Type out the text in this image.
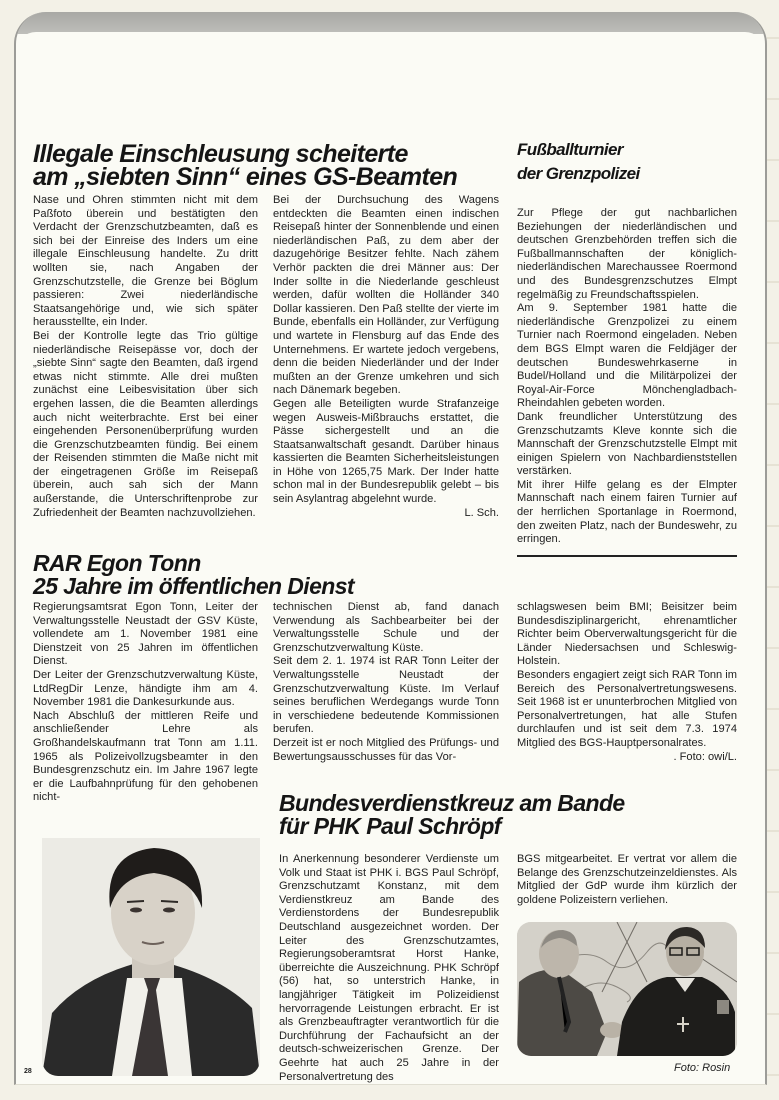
Illegale Einschleusung scheiterte
am „siebten Sinn“ eines GS-Beamten

Nase und Ohren stimmten nicht mit dem Paßfoto überein und bestätigten den Verdacht der Grenzschutzbeamten, daß es sich bei der Einreise des Inders um eine illegale Einschleusung handelte. Zu dritt wollten sie, nach Angaben der Grenzschutzstelle, die Grenze bei Böglum passieren: Zwei niederländische Staatsangehörige und, wie sich später herausstellte, ein Inder.

Bei der Kontrolle legte das Trio gültige niederländische Reisepässe vor, doch der „siebte Sinn“ sagte den Beamten, daß irgend etwas nicht stimmte. Alle drei mußten zunächst eine Leibesvisitation über sich ergehen lassen, die die Beamten allerdings auch nicht weiterbrachte. Erst bei einer eingehenden Personenüberprüfung wurden die Grenzschutzbeamten fündig. Bei einem der Reisenden stimmten die Maße nicht mit der eingetragenen Größe im Reisepaß überein, auch sah sich der Mann außerstande, die Unterschriftenprobe zur Zufriedenheit der Beamten nachzuvollziehen.

Bei der Durchsuchung des Wagens entdeckten die Beamten einen indischen Reisepaß hinter der Sonnenblende und einen niederländischen Paß, zu dem aber der dazugehörige Besitzer fehlte. Nach zähem Verhör packten die drei Männer aus: Der Inder sollte in die Niederlande geschleust werden, dafür wollten die Holländer 340 Dollar kassieren. Den Paß stellte der vierte im Bunde, ebenfalls ein Holländer, zur Verfügung und wartete in Flensburg auf das Ende des Unternehmens. Er wartete jedoch vergebens, denn die beiden Niederländer und der Inder mußten an der Grenze umkehren und sich nach Dänemark begeben.

Gegen alle Beteiligten wurde Strafanzeige wegen Ausweis-Mißbrauchs erstattet, die Pässe sichergestellt und an die Staatsanwaltschaft gesandt. Darüber hinaus kassierten die Beamten Sicherheitsleistungen in Höhe von 1265,75 Mark. Der Inder hatte schon mal in der Bundesrepublik gelebt – bis sein Asylantrag abgelehnt wurde.

L. Sch.

Fußballturnier
der Grenzpolizei

Zur Pflege der gut nachbarlichen Beziehungen der niederländischen und deutschen Grenzbehörden treffen sich die Fußballmannschaften der königlich-niederländischen Marechaussee Roermond und des Bundesgrenzschutzes Elmpt regelmäßig zu Freundschaftsspielen.

Am 9. September 1981 hatte die niederländische Grenzpolizei zu einem Turnier nach Roermond eingeladen. Neben dem BGS Elmpt waren die Feldjäger der deutschen Bundeswehrkaserne in Budel/Holland und die Militärpolizei der Royal-Air-Force Mönchengladbach-Rheindahlen gebeten worden.

Dank freundlicher Unterstützung des Grenzschutzamts Kleve konnte sich die Mannschaft der Grenzschutzstelle Elmpt mit einigen Spielern von Nachbardienststellen verstärken.

Mit ihrer Hilfe gelang es der Elmpter Mannschaft nach einem fairen Turnier auf der herrlichen Sportanlage in Roermond, den zweiten Platz, nach der Bundeswehr, zu erringen.

RAR Egon Tonn
25 Jahre im öffentlichen Dienst

Regierungsamtsrat Egon Tonn, Leiter der Verwaltungsstelle Neustadt der GSV Küste, vollendete am 1. November 1981 eine Dienstzeit von 25 Jahren im öffentlichen Dienst.

Der Leiter der Grenzschutzverwaltung Küste, LtdRegDir Lenze, händigte ihm am 4. November 1981 die Dankesurkunde aus.

Nach Abschluß der mittleren Reife und anschließender Lehre als Großhandelskaufmann trat Tonn am 1.11. 1965 als Polizeivollzugsbeamter in den Bundesgrenzschutz ein. Im Jahre 1967 legte er die Laufbahnprüfung für den gehobenen nicht-

technischen Dienst ab, fand danach Verwendung als Sachbearbeiter bei der Verwaltungsstelle Schule und der Grenzschutzverwaltung Küste.

Seit dem 2. 1. 1974 ist RAR Tonn Leiter der Verwaltungsstelle Neustadt der Grenzschutzverwaltung Küste. Im Verlauf seines beruflichen Werdegangs wurde Tonn in verschiedene bedeutende Kommissionen berufen.

Derzeit ist er noch Mitglied des Prüfungs- und Bewertungsausschusses für das Vor-

schlagswesen beim BMI; Beisitzer beim Bundesdisziplinargericht, ehrenamtlicher Richter beim Oberverwaltungsgericht für die Länder Niedersachsen und Schleswig-Holstein.

Besonders engagiert zeigt sich RAR Tonn im Bereich des Personalvertretungswesens. Seit 1968 ist er ununterbrochen Mitglied von Personalvertretungen, hat alle Stufen durchlaufen und ist seit dem 7.3. 1974 Mitglied des BGS-Hauptpersonalrates.

. Foto: owi/L.

Bundesverdienstkreuz am Bande
für PHK Paul Schröpf

In Anerkennung besonderer Verdienste um Volk und Staat ist PHK i. BGS Paul Schröpf, Grenzschutzamt Konstanz, mit dem Verdienstkreuz am Bande des Verdienstordens der Bundesrepublik Deutschland ausgezeichnet worden. Der Leiter des Grenzschutzamtes, Regierungsoberamtsrat Horst Hanke, überreichte die Auszeichnung. PHK Schröpf (56) hat, so unterstrich Hanke, in langjähriger Tätigkeit im Polizeidienst hervorragende Leistungen erbracht. Er ist als Grenzbeauftragter verantwortlich für die Durchführung der Fachaufsicht an der deutsch-schweizerischen Grenze. Der Geehrte hat auch 25 Jahre in der Personalvertretung des

BGS mitgearbeitet. Er vertrat vor allem die Belange des Grenzschutzeinzeldienstes. Als Mitglied der GdP wurde ihm kürzlich der goldene Polizeistern verliehen.

28	Foto: Rosin
